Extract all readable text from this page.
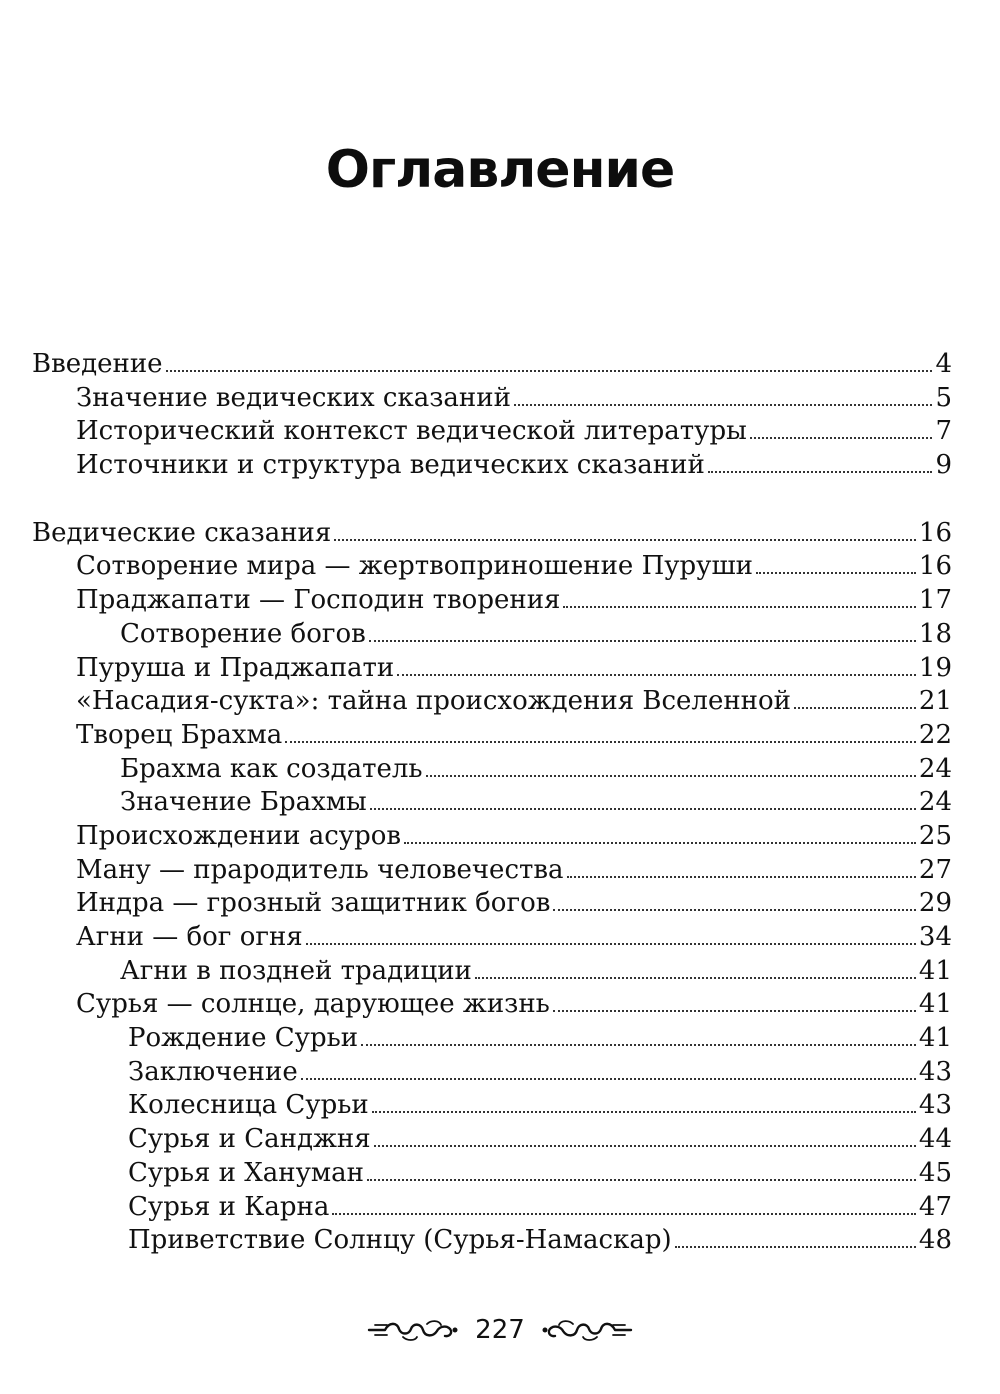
Оглавление
Введение	4
Значение ведических сказаний	5
Исторический контекст ведической литературы	7
Источники и структура ведических сказаний	9
Ведические сказания	16
Сотворение мира — жертвоприношение Пуруши	16
Праджапати — Господин творения	17
Сотворение богов	18
Пуруша и Праджапати	19
«Насадия-сукта»: тайна происхождения Вселенной	21
Творец Брахма	22
Брахма как создатель	24
Значение Брахмы	24
Происхождении асуров	25
Ману — прародитель человечества	27
Индра — грозный защитник богов	29
Агни — бог огня	34
Агни в поздней традиции	41
Сурья — солнце, дарующее жизнь	41
Рождение Сурьи	41
Заключение	43
Колесница Сурьи	43
Сурья и Санджня	44
Сурья и Хануман	45
Сурья и Карна	47
Приветствие Солнцу (Сурья-Намаскар)	48
227
